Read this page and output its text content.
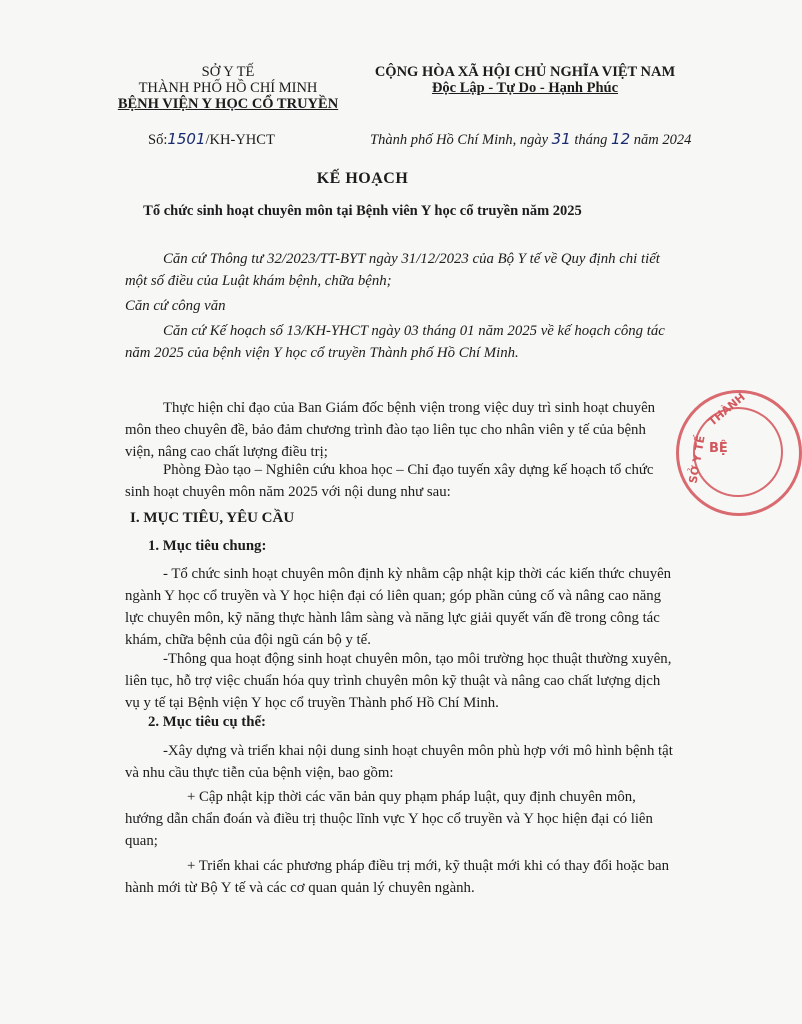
SỞ Y TẾ
THÀNH PHỐ HỒ CHÍ MINH
BỆNH VIỆN Y HỌC CỔ TRUYỀN
CỘNG HÒA XÃ HỘI CHỦ NGHĨA VIỆT NAM
Độc Lập - Tự Do - Hạnh Phúc
Số:1501/KH-YHCT	Thành phố Hồ Chí Minh, ngày 31 tháng 12 năm 2024
KẾ HOẠCH
Tổ chức sinh hoạt chuyên môn tại Bệnh viên Y học cổ truyền năm 2025
Căn cứ Thông tư 32/2023/TT-BYT ngày 31/12/2023 của Bộ Y tế về Quy định chi tiết một số điều của Luật khám bệnh, chữa bệnh;
Căn cứ công văn
Căn cứ Kế hoạch số 13/KH-YHCT ngày 03 tháng 01 năm 2025 về kế hoạch công tác năm 2025 của bệnh viện Y học cổ truyền Thành phố Hồ Chí Minh.
Thực hiện chỉ đạo của Ban Giám đốc bệnh viện trong việc duy trì sinh hoạt chuyên môn theo chuyên đề, bảo đảm chương trình đào tạo liên tục cho nhân viên y tế của bệnh viện, nâng cao chất lượng điều trị;
Phòng Đào tạo – Nghiên cứu khoa học – Chỉ đạo tuyến xây dựng kế hoạch tổ chức sinh hoạt chuyên môn năm 2025 với nội dung như sau:
I. MỤC TIÊU, YÊU CẦU
1. Mục tiêu chung:
- Tổ chức sinh hoạt chuyên môn định kỳ nhằm cập nhật kịp thời các kiến thức chuyên ngành Y học cổ truyền và Y học hiện đại có liên quan; góp phần củng cố và nâng cao năng lực chuyên môn, kỹ năng thực hành lâm sàng và năng lực giải quyết vấn đề trong công tác khám, chữa bệnh của đội ngũ cán bộ y tế.
-Thông qua hoạt động sinh hoạt chuyên môn, tạo môi trường học thuật thường xuyên, liên tục, hỗ trợ việc chuẩn hóa quy trình chuyên môn kỹ thuật và nâng cao chất lượng dịch vụ y tế tại Bệnh viện Y học cổ truyền Thành phố Hồ Chí Minh.
2. Mục tiêu cụ thể:
-Xây dựng và triển khai nội dung sinh hoạt chuyên môn phù hợp với mô hình bệnh tật và nhu cầu thực tiễn của bệnh viện, bao gồm:
+ Cập nhật kịp thời các văn bản quy phạm pháp luật, quy định chuyên môn, hướng dẫn chẩn đoán và điều trị thuộc lĩnh vực Y học cổ truyền và Y học hiện đại có liên quan;
+ Triển khai các phương pháp điều trị mới, kỹ thuật mới khi có thay đổi hoặc ban hành mới từ Bộ Y tế và các cơ quan quản lý chuyên ngành.
THÀNH
SỞ Y TẾ BỆ
